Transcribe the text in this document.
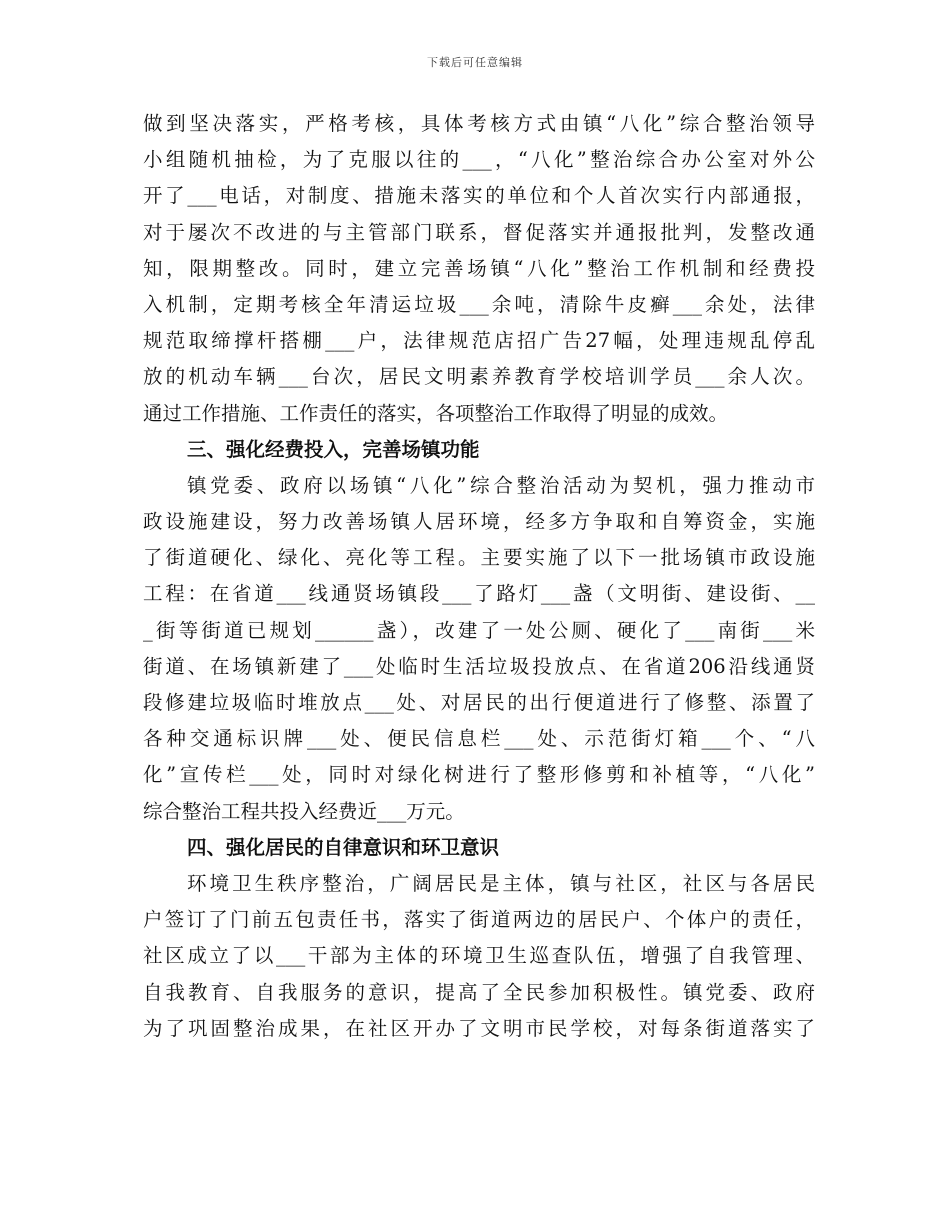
下载后可任意编辑
做到坚决落实，严格考核，具体考核方式由镇“八化”综合整治领导
小组随机抽检，为了克服以往的___，“八化”整治综合办公室对外公
开了___电话，对制度、措施未落实的单位和个人首次实行内部通报，
对于屡次不改进的与主管部门联系，督促落实并通报批判，发整改通
知，限期整改。同时，建立完善场镇“八化”整治工作机制和经费投
入机制，定期考核全年清运垃圾___余吨，清除牛皮癣___余处，法律
规范取缔撑杆搭棚___户，法律规范店招广告27幅，处理违规乱停乱
放的机动车辆___台次，居民文明素养教育学校培训学员___余人次。
通过工作措施、工作责任的落实，各项整治工作取得了明显的成效。
三、强化经费投入，完善场镇功能
镇党委、政府以场镇“八化”综合整治活动为契机，强力推动市
政设施建设，努力改善场镇人居环境，经多方争取和自筹资金，实施
了街道硬化、绿化、亮化等工程。主要实施了以下一批场镇市政设施
工程：在省道___线通贤场镇段___了路灯___盏（文明街、建设街、__
_街等街道已规划______盏），改建了一处公厕、硬化了___南街___米
街道、在场镇新建了___处临时生活垃圾投放点、在省道206沿线通贤
段修建垃圾临时堆放点___处、对居民的出行便道进行了修整、添置了
各种交通标识牌___处、便民信息栏___处、示范街灯箱___个、“八
化”宣传栏___处，同时对绿化树进行了整形修剪和补植等，“八化”
综合整治工程共投入经费近___万元。
四、强化居民的自律意识和环卫意识
环境卫生秩序整治，广阔居民是主体，镇与社区，社区与各居民
户签订了门前五包责任书，落实了街道两边的居民户、个体户的责任，
社区成立了以___干部为主体的环境卫生巡查队伍，增强了自我管理、
自我教育、自我服务的意识，提高了全民参加积极性。镇党委、政府
为了巩固整治成果，在社区开办了文明市民学校，对每条街道落实了
